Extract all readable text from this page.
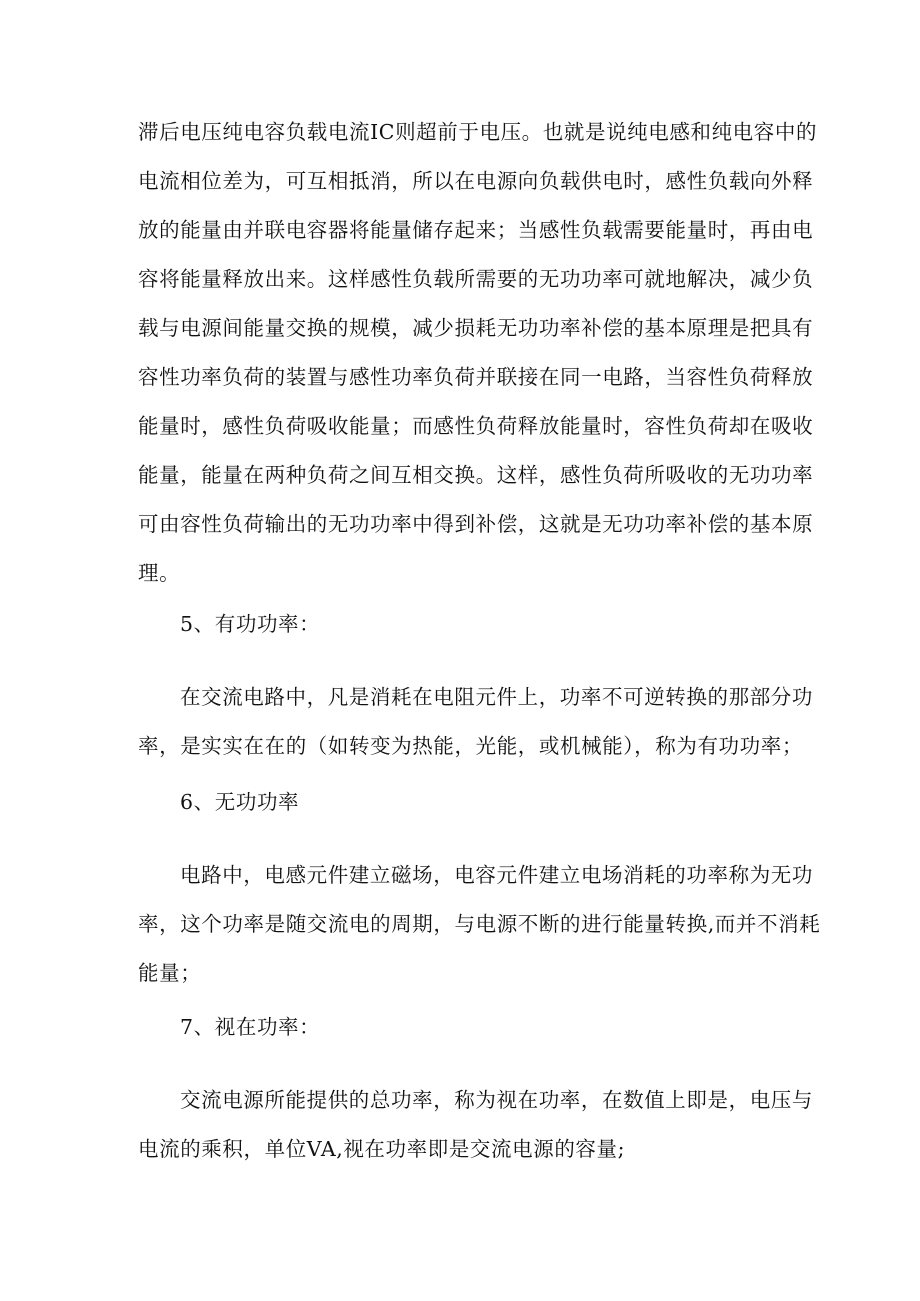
滞后电压纯电容负载电流IC则超前于电压。也就是说纯电感和纯电容中的
电流相位差为，可互相抵消，所以在电源向负载供电时，感性负载向外释
放的能量由并联电容器将能量储存起来；当感性负载需要能量时，再由电
容将能量释放出来。这样感性负载所需要的无功功率可就地解决，减少负
载与电源间能量交换的规模，减少损耗无功功率补偿的基本原理是把具有
容性功率负荷的装置与感性功率负荷并联接在同一电路，当容性负荷释放
能量时，感性负荷吸收能量；而感性负荷释放能量时，容性负荷却在吸收
能量，能量在两种负荷之间互相交换。这样，感性负荷所吸收的无功功率
可由容性负荷输出的无功功率中得到补偿，这就是无功功率补偿的基本原
理。
5、有功功率：
在交流电路中，凡是消耗在电阻元件上，功率不可逆转换的那部分功
率，是实实在在的（如转变为热能，光能，或机械能），称为有功功率；
6、无功功率
电路中，电感元件建立磁场，电容元件建立电场消耗的功率称为无功
率，这个功率是随交流电的周期，与电源不断的进行能量转换,而并不消耗
能量；
7、视在功率：
交流电源所能提供的总功率，称为视在功率，在数值上即是，电压与
电流的乘积，单位VA,视在功率即是交流电源的容量;
